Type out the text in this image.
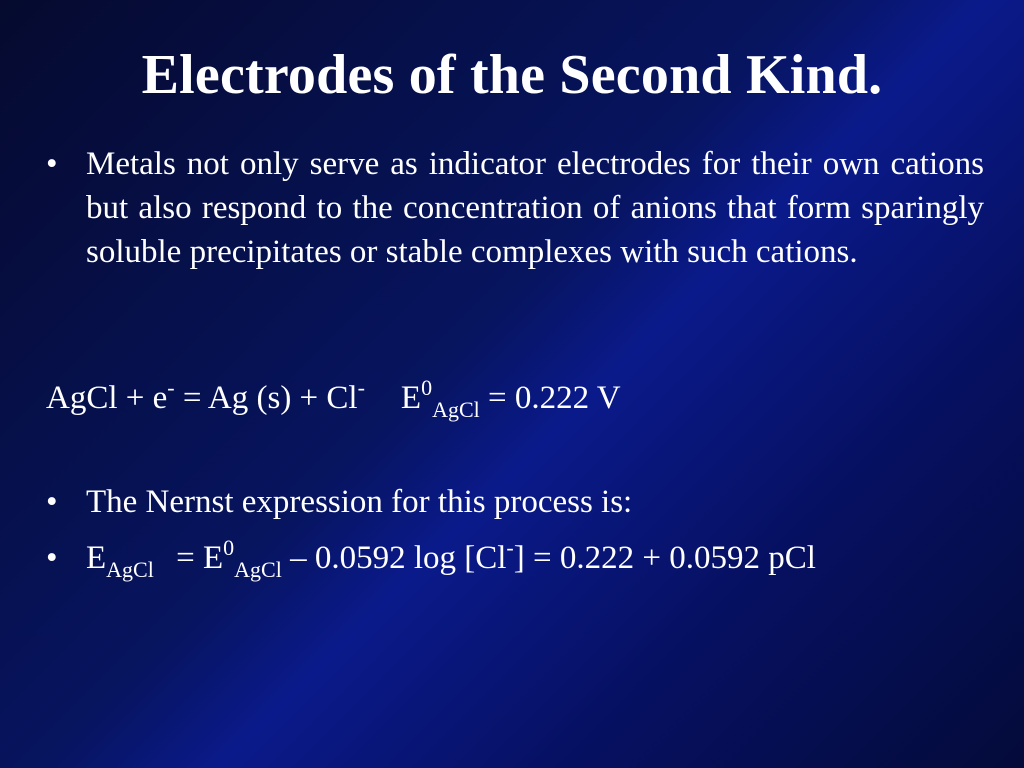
Electrodes of the Second Kind.
• Metals not only serve as indicator electrodes for their own cations but also respond to the concentration of anions that form sparingly soluble precipitates or stable complexes with such cations.
AgCl + e- = Ag (s) + Cl- $E^0_{AgCl} = 0.222$ V
• The Nernst expression for this process is:
• $E_{AgCl} = E^0_{AgCl} - 0.0592$ log [Cl-] = 0.222 + 0.0592 pCl
